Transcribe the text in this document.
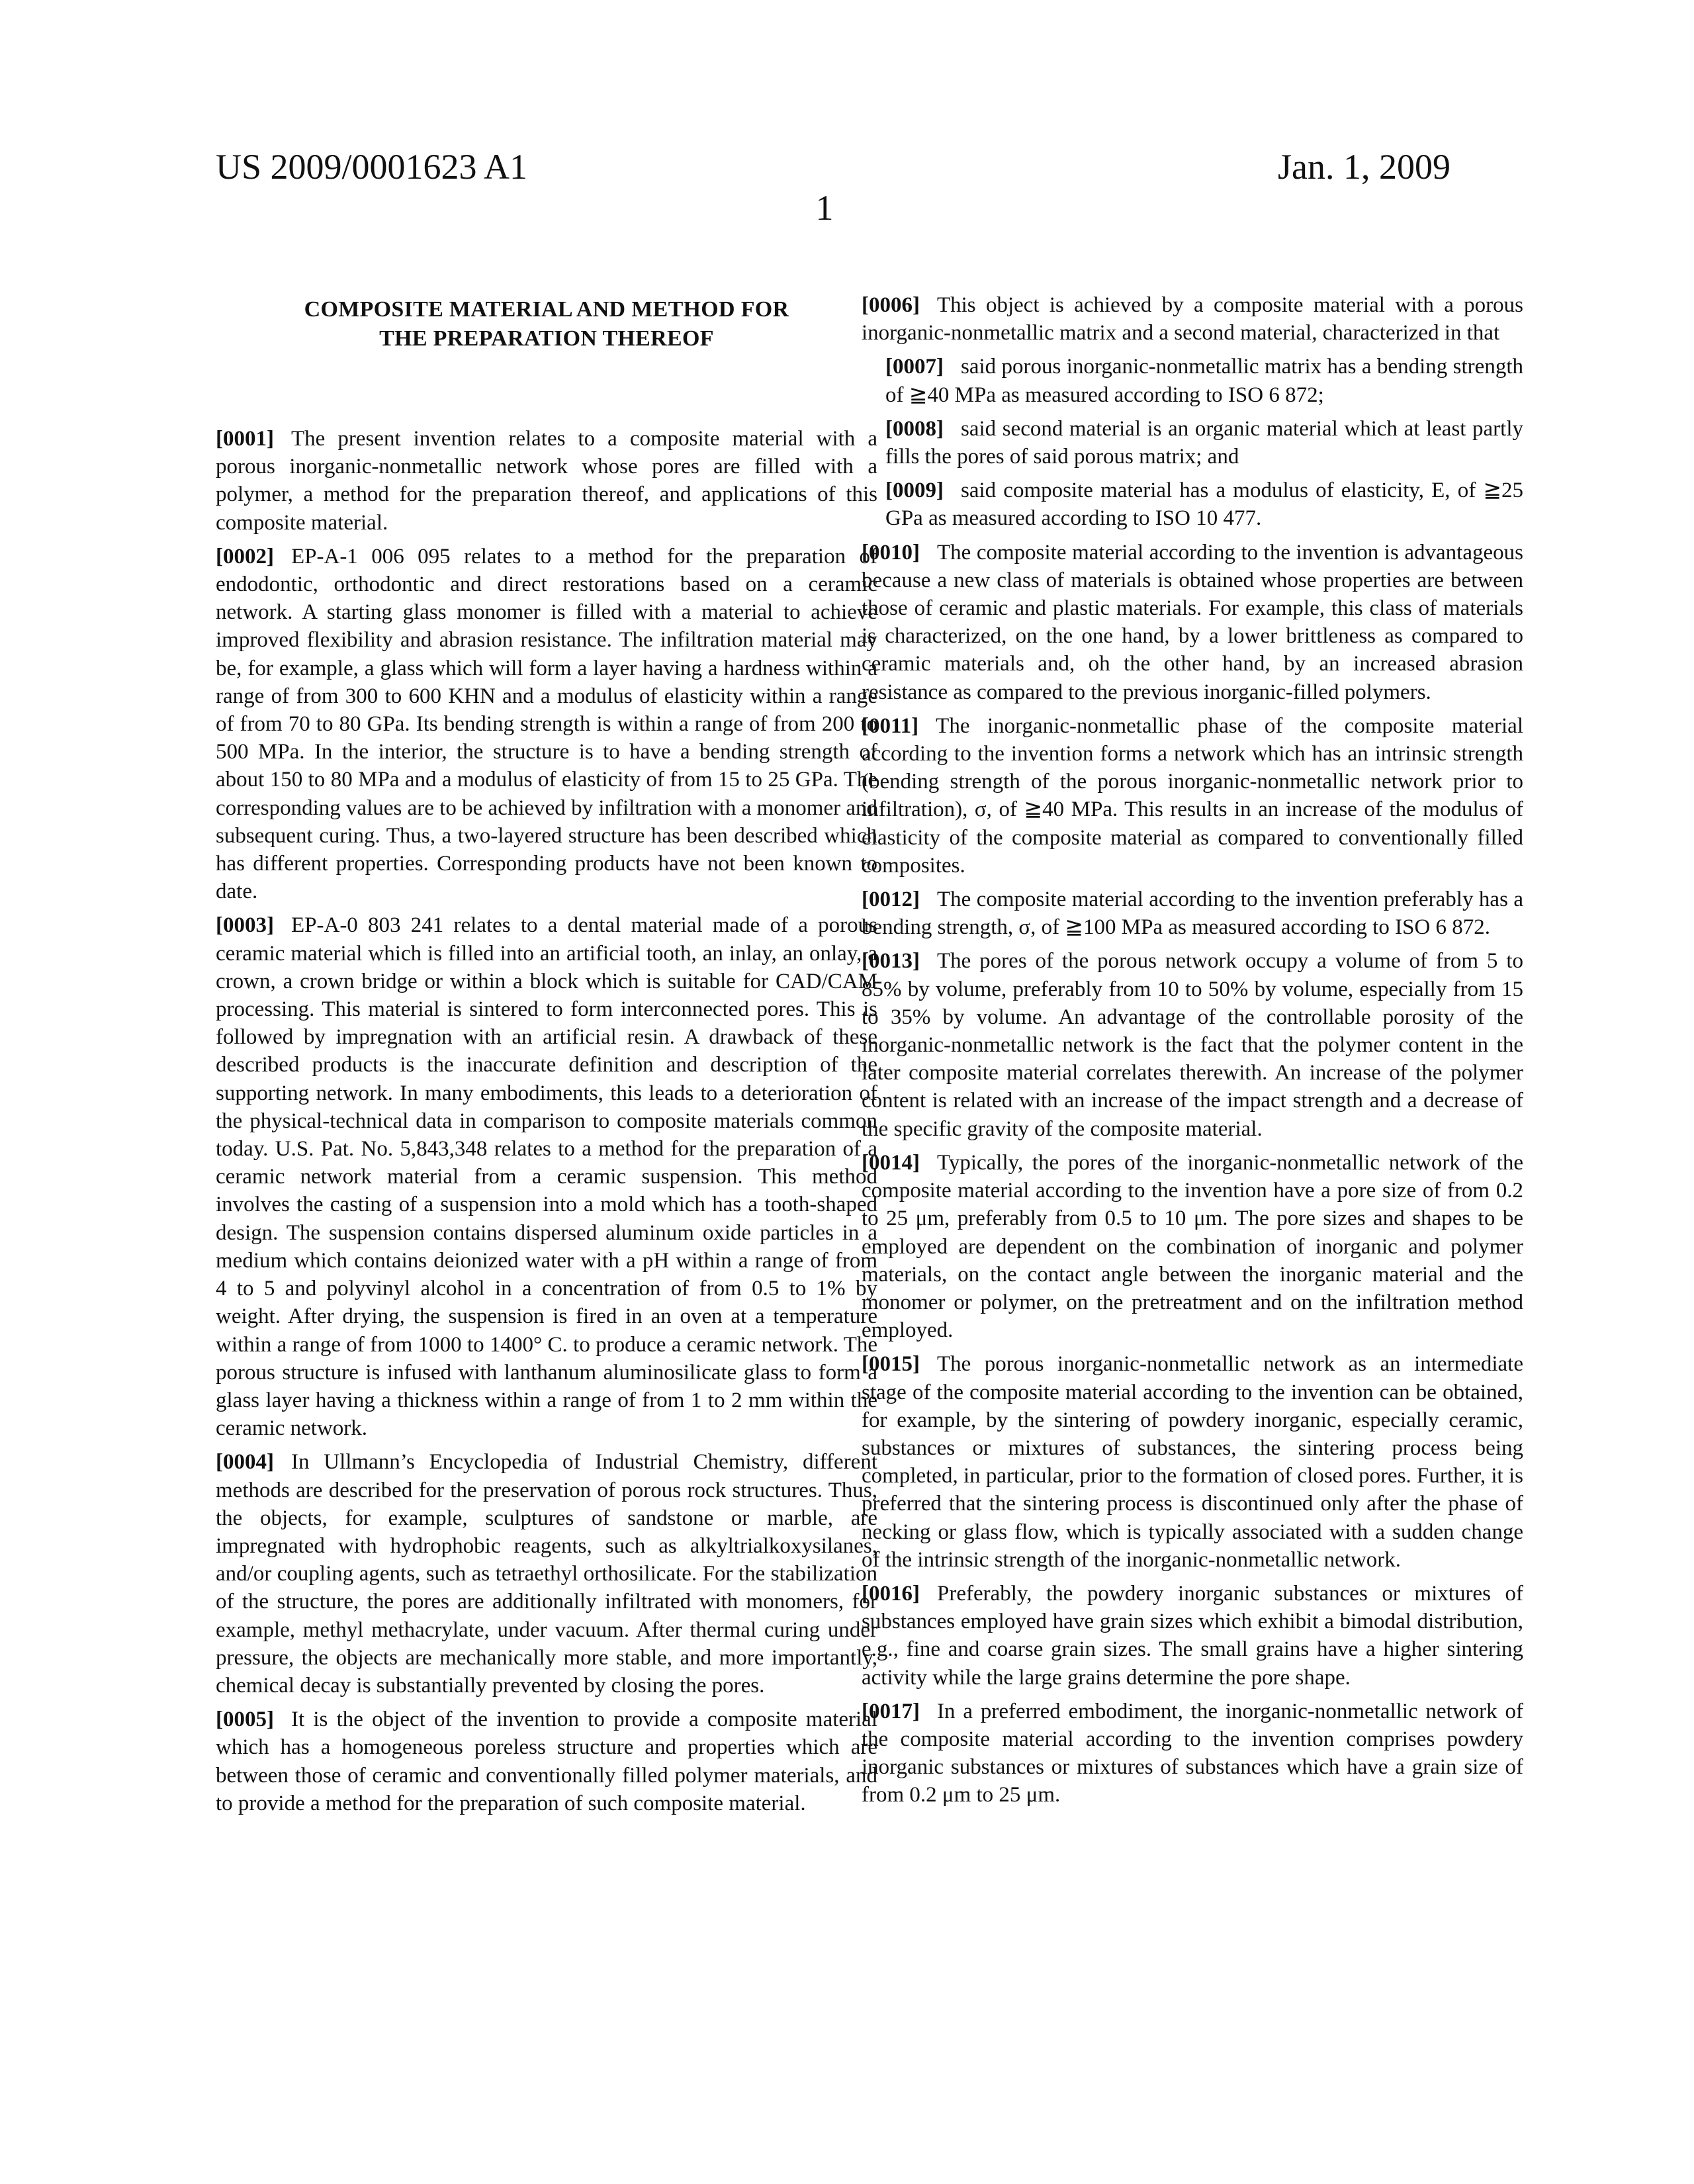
US 2009/0001623 A1	Jan. 1, 2009
1
COMPOSITE MATERIAL AND METHOD FOR
THE PREPARATION THEREOF

[0001] The present invention relates to a composite material with a porous inorganic-nonmetallic network whose pores are filled with a polymer, a method for the preparation thereof, and applications of this composite material.

[0002] EP-A-1 006 095 relates to a method for the preparation of endodontic, orthodontic and direct restorations based on a ceramic network. A starting glass monomer is filled with a material to achieve improved flexibility and abrasion resistance. The infiltration material may be, for example, a glass which will form a layer having a hardness within a range of from 300 to 600 KHN and a modulus of elasticity within a range of from 70 to 80 GPa. Its bending strength is within a range of from 200 to 500 MPa. In the interior, the structure is to have a bending strength of about 150 to 80 MPa and a modulus of elasticity of from 15 to 25 GPa. The corresponding values are to be achieved by infiltration with a monomer and subsequent curing. Thus, a two-layered structure has been described which has different properties. Corresponding products have not been known to date.

[0003] EP-A-0 803 241 relates to a dental material made of a porous ceramic material which is filled into an artificial tooth, an inlay, an onlay, a crown, a crown bridge or within a block which is suitable for CAD/CAM processing. This material is sintered to form interconnected pores. This is followed by impregnation with an artificial resin. A drawback of these described products is the inaccurate definition and description of the supporting network. In many embodiments, this leads to a deterioration of the physical-technical data in comparison to composite materials common today. U.S. Pat. No. 5,843,348 relates to a method for the preparation of a ceramic network material from a ceramic suspension. This method involves the casting of a suspension into a mold which has a tooth-shaped design. The suspension contains dispersed aluminum oxide particles in a medium which contains deionized water with a pH within a range of from 4 to 5 and polyvinyl alcohol in a concentration of from 0.5 to 1% by weight. After drying, the suspension is fired in an oven at a temperature within a range of from 1000 to 1400° C. to produce a ceramic network. The porous structure is infused with lanthanum aluminosilicate glass to form a glass layer having a thickness within a range of from 1 to 2 mm within the ceramic network.

[0004] In Ullmann’s Encyclopedia of Industrial Chemistry, different methods are described for the preservation of porous rock structures. Thus, the objects, for example, sculptures of sandstone or marble, are impregnated with hydrophobic reagents, such as alkyltrialkoxysilanes, and/or coupling agents, such as tetraethyl orthosilicate. For the stabilization of the structure, the pores are additionally infiltrated with monomers, for example, methyl methacrylate, under vacuum. After thermal curing under pressure, the objects are mechanically more stable, and more importantly, chemical decay is substantially prevented by closing the pores.

[0005] It is the object of the invention to provide a composite material which has a homogeneous poreless structure and properties which are between those of ceramic and conventionally filled polymer materials, and to provide a method for the preparation of such composite material.

[0006] This object is achieved by a composite material with a porous inorganic-nonmetallic matrix and a second material, characterized in that

[0007] said porous inorganic-nonmetallic matrix has a bending strength of ≧40 MPa as measured according to ISO 6 872;

[0008] said second material is an organic material which at least partly fills the pores of said porous matrix; and

[0009] said composite material has a modulus of elasticity, E, of ≧25 GPa as measured according to ISO 10 477.

[0010] The composite material according to the invention is advantageous because a new class of materials is obtained whose properties are between those of ceramic and plastic materials. For example, this class of materials is characterized, on the one hand, by a lower brittleness as compared to ceramic materials and, oh the other hand, by an increased abrasion resistance as compared to the previous inorganic-filled polymers.

[0011] The inorganic-nonmetallic phase of the composite material according to the invention forms a network which has an intrinsic strength (bending strength of the porous inorganic-nonmetallic network prior to infiltration), σ, of ≧40 MPa. This results in an increase of the modulus of elasticity of the composite material as compared to conventionally filled composites.

[0012] The composite material according to the invention preferably has a bending strength, σ, of ≧100 MPa as measured according to ISO 6 872.

[0013] The pores of the porous network occupy a volume of from 5 to 85% by volume, preferably from 10 to 50% by volume, especially from 15 to 35% by volume. An advantage of the controllable porosity of the inorganic-nonmetallic network is the fact that the polymer content in the later composite material correlates therewith. An increase of the polymer content is related with an increase of the impact strength and a decrease of the specific gravity of the composite material.

[0014] Typically, the pores of the inorganic-nonmetallic network of the composite material according to the invention have a pore size of from 0.2 to 25 μm, preferably from 0.5 to 10 μm. The pore sizes and shapes to be employed are dependent on the combination of inorganic and polymer materials, on the contact angle between the inorganic material and the monomer or polymer, on the pretreatment and on the infiltration method employed.

[0015] The porous inorganic-nonmetallic network as an intermediate stage of the composite material according to the invention can be obtained, for example, by the sintering of powdery inorganic, especially ceramic, substances or mixtures of substances, the sintering process being completed, in particular, prior to the formation of closed pores. Further, it is preferred that the sintering process is discontinued only after the phase of necking or glass flow, which is typically associated with a sudden change of the intrinsic strength of the inorganic-nonmetallic network.

[0016] Preferably, the powdery inorganic substances or mixtures of substances employed have grain sizes which exhibit a bimodal distribution, e.g., fine and coarse grain sizes. The small grains have a higher sintering activity while the large grains determine the pore shape.

[0017] In a preferred embodiment, the inorganic-nonmetallic network of the composite material according to the invention comprises powdery inorganic substances or mixtures of substances which have a grain size of from 0.2 μm to 25 μm.
